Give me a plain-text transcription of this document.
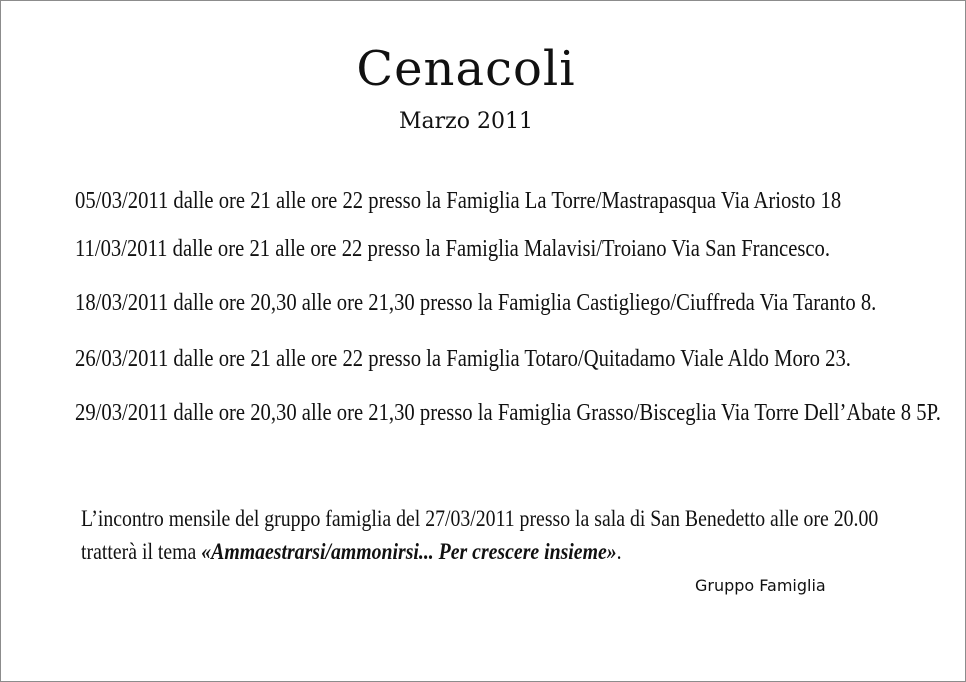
Cenacoli
Marzo 2011
05/03/2011 dalle ore 21 alle ore 22 presso la Famiglia La Torre/Mastrapasqua Via Ariosto 18
11/03/2011 dalle ore 21 alle ore 22 presso la Famiglia Malavisi/Troiano Via San Francesco.
18/03/2011 dalle ore 20,30 alle ore 21,30 presso la Famiglia Castigliego/Ciuffreda Via Taranto 8.
26/03/2011 dalle ore 21 alle ore 22 presso la Famiglia Totaro/Quitadamo Viale Aldo Moro 23.
29/03/2011 dalle ore 20,30 alle ore 21,30 presso la Famiglia Grasso/Bisceglia Via Torre Dell’Abate 8 5P.
L’incontro mensile del gruppo famiglia del 27/03/2011 presso la sala di San Benedetto alle ore 20.00
tratterà il tema «Ammaestrarsi/ammonirsi... Per crescere insieme».
Gruppo Famiglia
